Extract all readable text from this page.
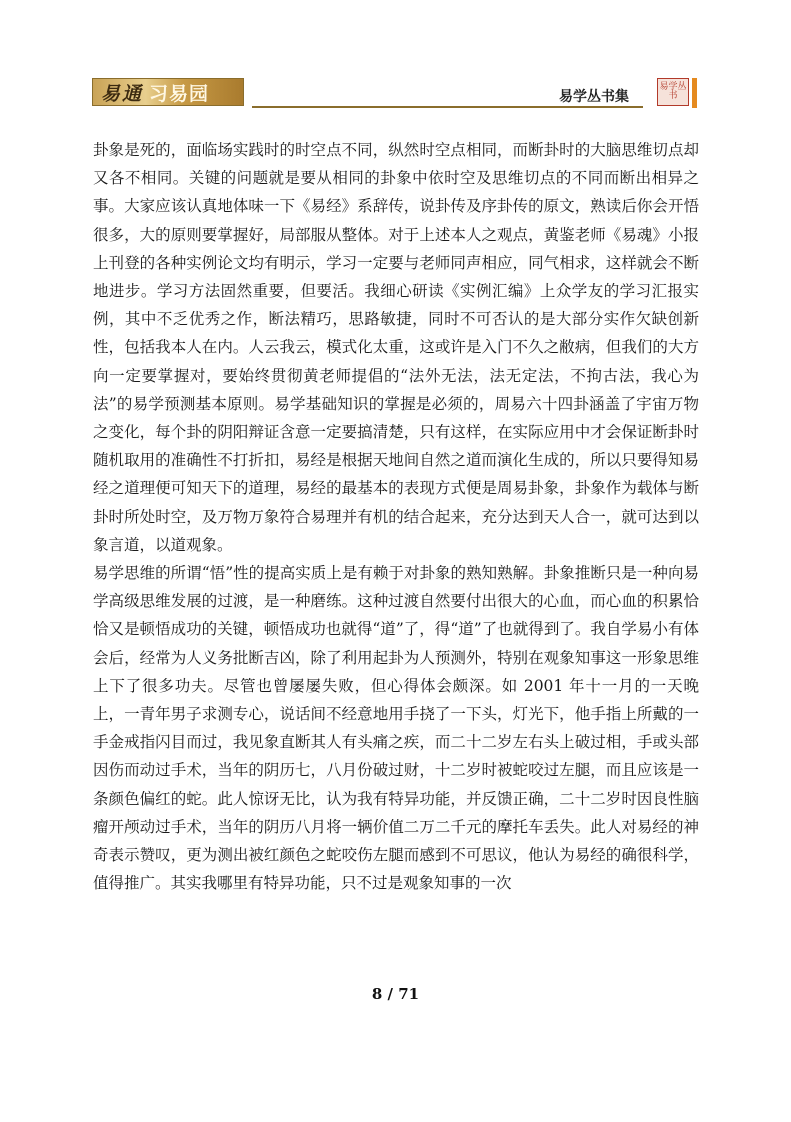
易通 习易园	易学丛书集
易学丛书

卦象是死的，面临场实践时的时空点不同，纵然时空点相同，而断卦时的大脑思维切点却又各不相同。关键的问题就是要从相同的卦象中依时空及思维切点的不同而断出相异之事。大家应该认真地体味一下《易经》系辞传，说卦传及序卦传的原文，熟读后你会开悟很多，大的原则要掌握好，局部服从整体。对于上述本人之观点，黄鉴老师《易魂》小报上刊登的各种实例论文均有明示，学习一定要与老师同声相应，同气相求，这样就会不断地进步。学习方法固然重要，但要活。我细心研读《实例汇编》上众学友的学习汇报实例，其中不乏优秀之作，断法精巧，思路敏捷，同时不可否认的是大部分实作欠缺创新性，包括我本人在内。人云我云，模式化太重，这或许是入门不久之敝病，但我们的大方向一定要掌握对，要始终贯彻黄老师提倡的“法外无法，法无定法，不拘古法，我心为法”的易学预测基本原则。易学基础知识的掌握是必须的，周易六十四卦涵盖了宇宙万物之变化，每个卦的阴阳辩证含意一定要搞清楚，只有这样，在实际应用中才会保证断卦时随机取用的准确性不打折扣，易经是根据天地间自然之道而演化生成的，所以只要得知易经之道理便可知天下的道理，易经的最基本的表现方式便是周易卦象，卦象作为载体与断卦时所处时空，及万物万象符合易理并有机的结合起来，充分达到天人合一，就可达到以象言道，以道观象。

易学思维的所谓“悟”性的提高实质上是有赖于对卦象的熟知熟解。卦象推断只是一种向易学高级思维发展的过渡，是一种磨练。这种过渡自然要付出很大的心血，而心血的积累恰恰又是顿悟成功的关键，顿悟成功也就得“道”了，得“道”了也就得到了。我自学易小有体会后，经常为人义务批断吉凶，除了利用起卦为人预测外，特别在观象知事这一形象思维上下了很多功夫。尽管也曾屡屡失败，但心得体会颇深。如 2001 年十一月的一天晚上，一青年男子求测专心，说话间不经意地用手挠了一下头，灯光下，他手指上所戴的一手金戒指闪目而过，我见象直断其人有头痛之疾，而二十二岁左右头上破过相，手或头部因伤而动过手术，当年的阴历七，八月份破过财，十二岁时被蛇咬过左腿，而且应该是一条颜色偏红的蛇。此人惊讶无比，认为我有特异功能，并反馈正确，二十二岁时因良性脑瘤开颅动过手术，当年的阴历八月将一辆价值二万二千元的摩托车丢失。此人对易经的神奇表示赞叹，更为测出被红颜色之蛇咬伤左腿而感到不可思议，他认为易经的确很科学，值得推广。其实我哪里有特异功能，只不过是观象知事的一次

8 / 71
